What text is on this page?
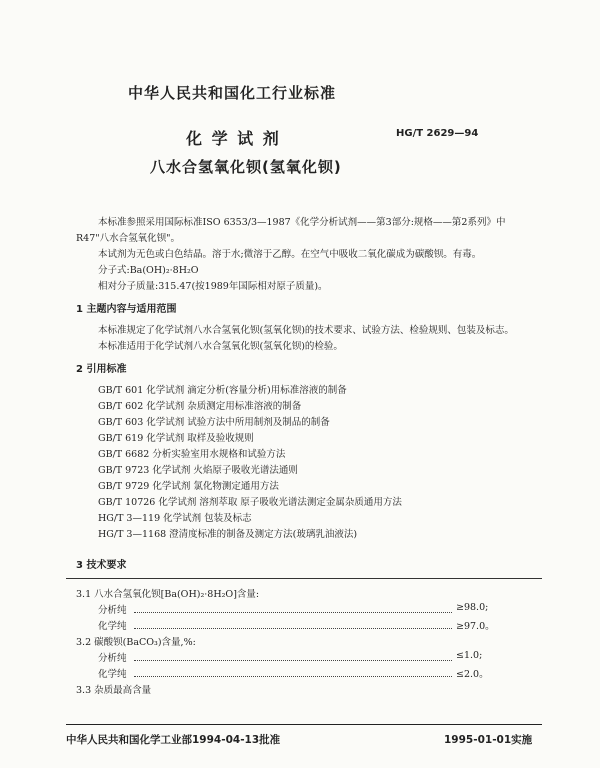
中华人民共和国化工行业标准
化 学 试 剂	HG/T 2629—94
八水合氢氧化钡(氢氧化钡)
本标准参照采用国际标准ISO 6353/3—1987《化学分析试剂——第3部分:规格——第2系列》中
R47"八水合氢氧化钡"。
本试剂为无色或白色结晶。溶于水;微溶于乙醇。在空气中吸收二氧化碳成为碳酸钡。有毒。
分子式:Ba(OH)₂·8H₂O
相对分子质量:315.47(按1989年国际相对原子质量)。
1 主题内容与适用范围
本标准规定了化学试剂八水合氢氧化钡(氢氧化钡)的技术要求、试验方法、检验规则、包装及标志。
本标准适用于化学试剂八水合氢氧化钡(氢氧化钡)的检验。
2 引用标准
GB/T 601 化学试剂 滴定分析(容量分析)用标准溶液的制备
GB/T 602 化学试剂 杂质测定用标准溶液的制备
GB/T 603 化学试剂 试验方法中所用制剂及制品的制备
GB/T 619 化学试剂 取样及验收规则
GB/T 6682 分析实验室用水规格和试验方法
GB/T 9723 化学试剂 火焰原子吸收光谱法通则
GB/T 9729 化学试剂 氯化物测定通用方法
GB/T 10726 化学试剂 溶剂萃取 原子吸收光谱法测定金属杂质通用方法
HG/T 3—119 化学试剂 包装及标志
HG/T 3—1168 澄清度标准的制备及测定方法(玻璃乳油液法)
3 技术要求
3.1 八水合氢氧化钡[Ba(OH)₂·8H₂O]含量:
分析纯	≥98.0;
化学纯	≥97.0。
3.2 碳酸钡(BaCO₃)含量,%:
分析纯	≤1.0;
化学纯	≤2.0。
3.3 杂质最高含量
中华人民共和国化学工业部1994-04-13批准	1995-01-01实施
